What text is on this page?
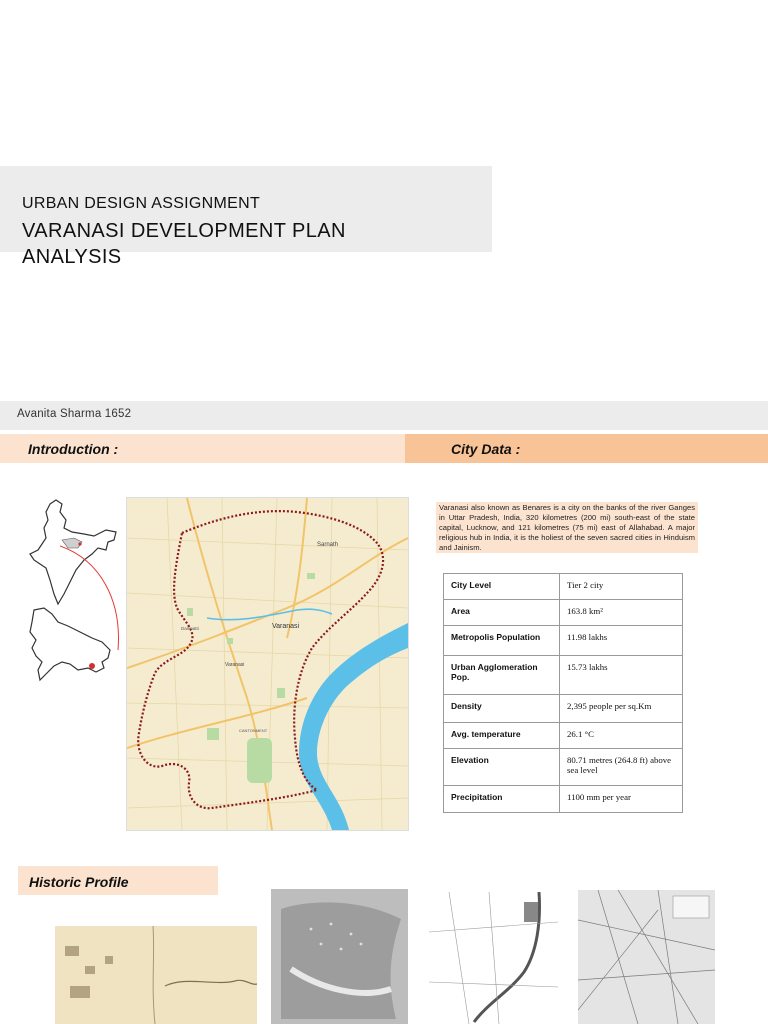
URBAN DESIGN ASSIGNMENT
VARANASI DEVELOPMENT PLAN ANALYSIS
Avanita Sharma 1652
Introduction :	City Data :
Sarnath
Varanasi
Varanasi
Danipatti
CANTONMENT
Varanasi also known as Benares is a city on the banks of the river Ganges in Uttar Pradesh, India, 320 kilometres (200 mi) south-east of the state capital, Lucknow, and 121 kilometres (75 mi) east of Allahabad. A major religious hub in India, it is the holiest of the seven sacred cities in Hinduism and Jainism.
City Level	Tier 2 city
Area	163.8 km²
Metropolis Population	11.98 lakhs
Urban Agglomeration Pop.	15.73 lakhs
Density	2,395 people per sq.Km
Avg. temperature	26.1 °C
Elevation	80.71 metres (264.8 ft) above sea level
Precipitation	1100 mm per year
Historic Profile
